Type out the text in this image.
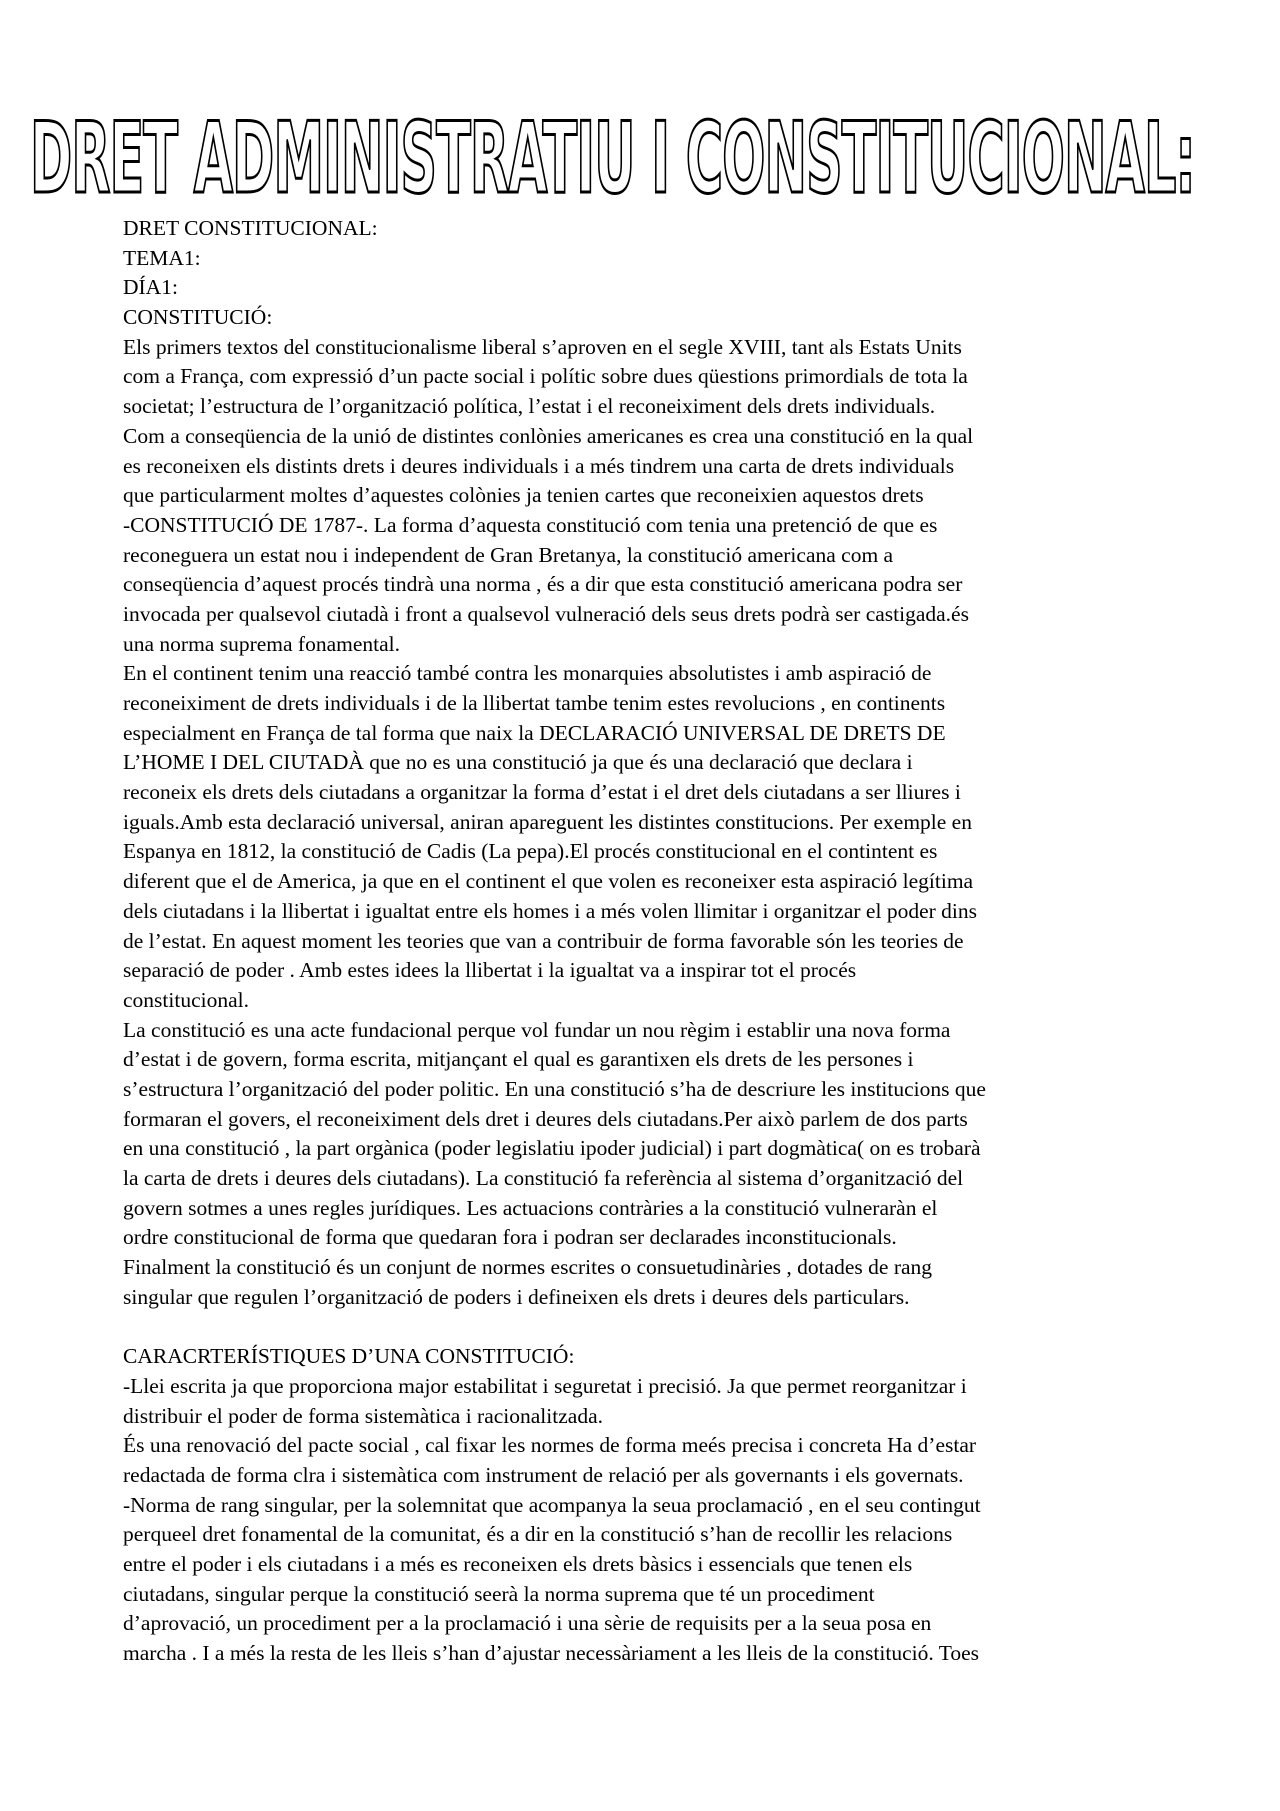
DRET ADMINISTRATIU I CONSTITUCIONAL:
DRET CONSTITUCIONAL:
TEMA1:
DÍA1:
CONSTITUCIÓ:
Els primers textos del constitucionalisme liberal s’aproven en el segle XVIII, tant als Estats Units
com a França, com expressió d’un pacte social i polític sobre dues qüestions primordials de tota la
societat; l’estructura de l’organització política, l’estat i el reconeiximent dels drets individuals.
Com a conseqüencia de la unió de distintes conlònies americanes es crea una constitució en la qual
es reconeixen els distints drets i deures individuals i a més tindrem una carta de drets individuals
que particularment moltes d’aquestes colònies ja tenien cartes que reconeixien aquestos drets
-CONSTITUCIÓ DE 1787-. La forma d’aquesta constitució com tenia una pretenció de que es
reconeguera un estat nou i independent de Gran Bretanya, la constitució americana com a
conseqüencia d’aquest procés tindrà una norma , és a dir que esta constitució americana podra ser
invocada per qualsevol ciutadà i front a qualsevol vulneració dels seus drets podrà ser castigada.és
una norma suprema fonamental.
En el continent tenim una reacció també contra les monarquies absolutistes i amb aspiració de
reconeiximent de drets individuals i de la llibertat tambe tenim estes revolucions , en continents
especialment en França de tal forma que naix la DECLARACIÓ UNIVERSAL DE DRETS DE
L’HOME I DEL CIUTADÀ que no es una constitució ja que és una declaració que declara i
reconeix els drets dels ciutadans a organitzar la forma d’estat i el dret dels ciutadans a ser lliures i
iguals.Amb esta declaració universal, aniran apareguent les distintes constitucions. Per exemple en
Espanya en 1812, la constitució de Cadis (La pepa).El procés constitucional en el contintent es
diferent que el de America, ja que en el continent el que volen es reconeixer esta aspiració legítima
dels ciutadans i la llibertat i igualtat entre els homes i a més volen llimitar i organitzar el poder dins
de l’estat. En aquest moment les teories que van a contribuir de forma favorable són les teories de
separació de poder . Amb estes idees la llibertat i la igualtat va a inspirar tot el procés
constitucional.
La constitució es una acte fundacional perque vol fundar un nou règim i establir una nova forma
d’estat i de govern, forma escrita, mitjançant el qual es garantixen els drets de les persones i
s’estructura l’organització del poder politic. En una constitució s’ha de descriure les institucions que
formaran el govers, el reconeiximent dels dret i deures dels ciutadans.Per això parlem de dos parts
en una constitució , la part orgànica (poder legislatiu ipoder judicial) i part dogmàtica( on es trobarà
la carta de drets i deures dels ciutadans). La constitució fa referència al sistema d’organització del
govern sotmes a unes regles jurídiques. Les actuacions contràries a la constitució vulneraràn el
ordre constitucional de forma que quedaran fora i podran ser declarades inconstitucionals.
Finalment la constitució és un conjunt de normes escrites o consuetudinàries , dotades de rang
singular que regulen l’organització de poders i defineixen els drets i deures dels particulars.
CARACRTERÍSTIQUES D’UNA CONSTITUCIÓ:
-Llei escrita ja que proporciona major estabilitat i seguretat i precisió. Ja que permet reorganitzar i
distribuir el poder de forma sistemàtica i racionalitzada.
És una renovació del pacte social , cal fixar les normes de forma meés precisa i concreta Ha d’estar
redactada de forma clra i sistemàtica com instrument de relació per als governants i els governats.
-Norma de rang singular, per la solemnitat que acompanya la seua proclamació , en el seu contingut
perqueel dret fonamental de la comunitat, és a dir en la constitució s’han de recollir les relacions
entre el poder i els ciutadans i a més es reconeixen els drets bàsics i essencials que tenen els
ciutadans, singular perque la constitució seerà la norma suprema que té un procediment
d’aprovació, un procediment per a la proclamació i una sèrie de requisits per a la seua posa en
marcha . I a més la resta de les lleis s’han d’ajustar necessàriament a les lleis de la constitució. Toes
